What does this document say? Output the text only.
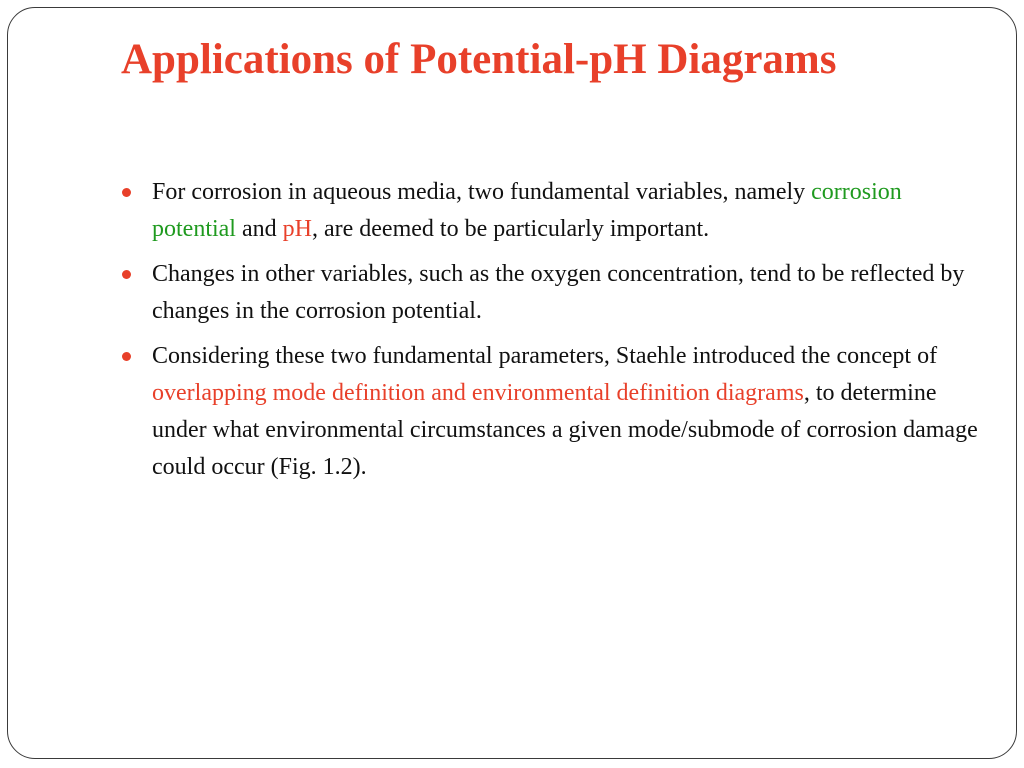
Applications of Potential-pH Diagrams
For corrosion in aqueous media, two fundamental variables, namely corrosion potential and pH, are deemed to be particularly important.
Changes in other variables, such as the oxygen concentration, tend to be reflected by changes in the corrosion potential.
Considering these two fundamental parameters, Staehle introduced the concept of overlapping mode definition and environmental definition diagrams, to determine under what environmental circumstances a given mode/submode of corrosion damage could occur (Fig. 1.2).
